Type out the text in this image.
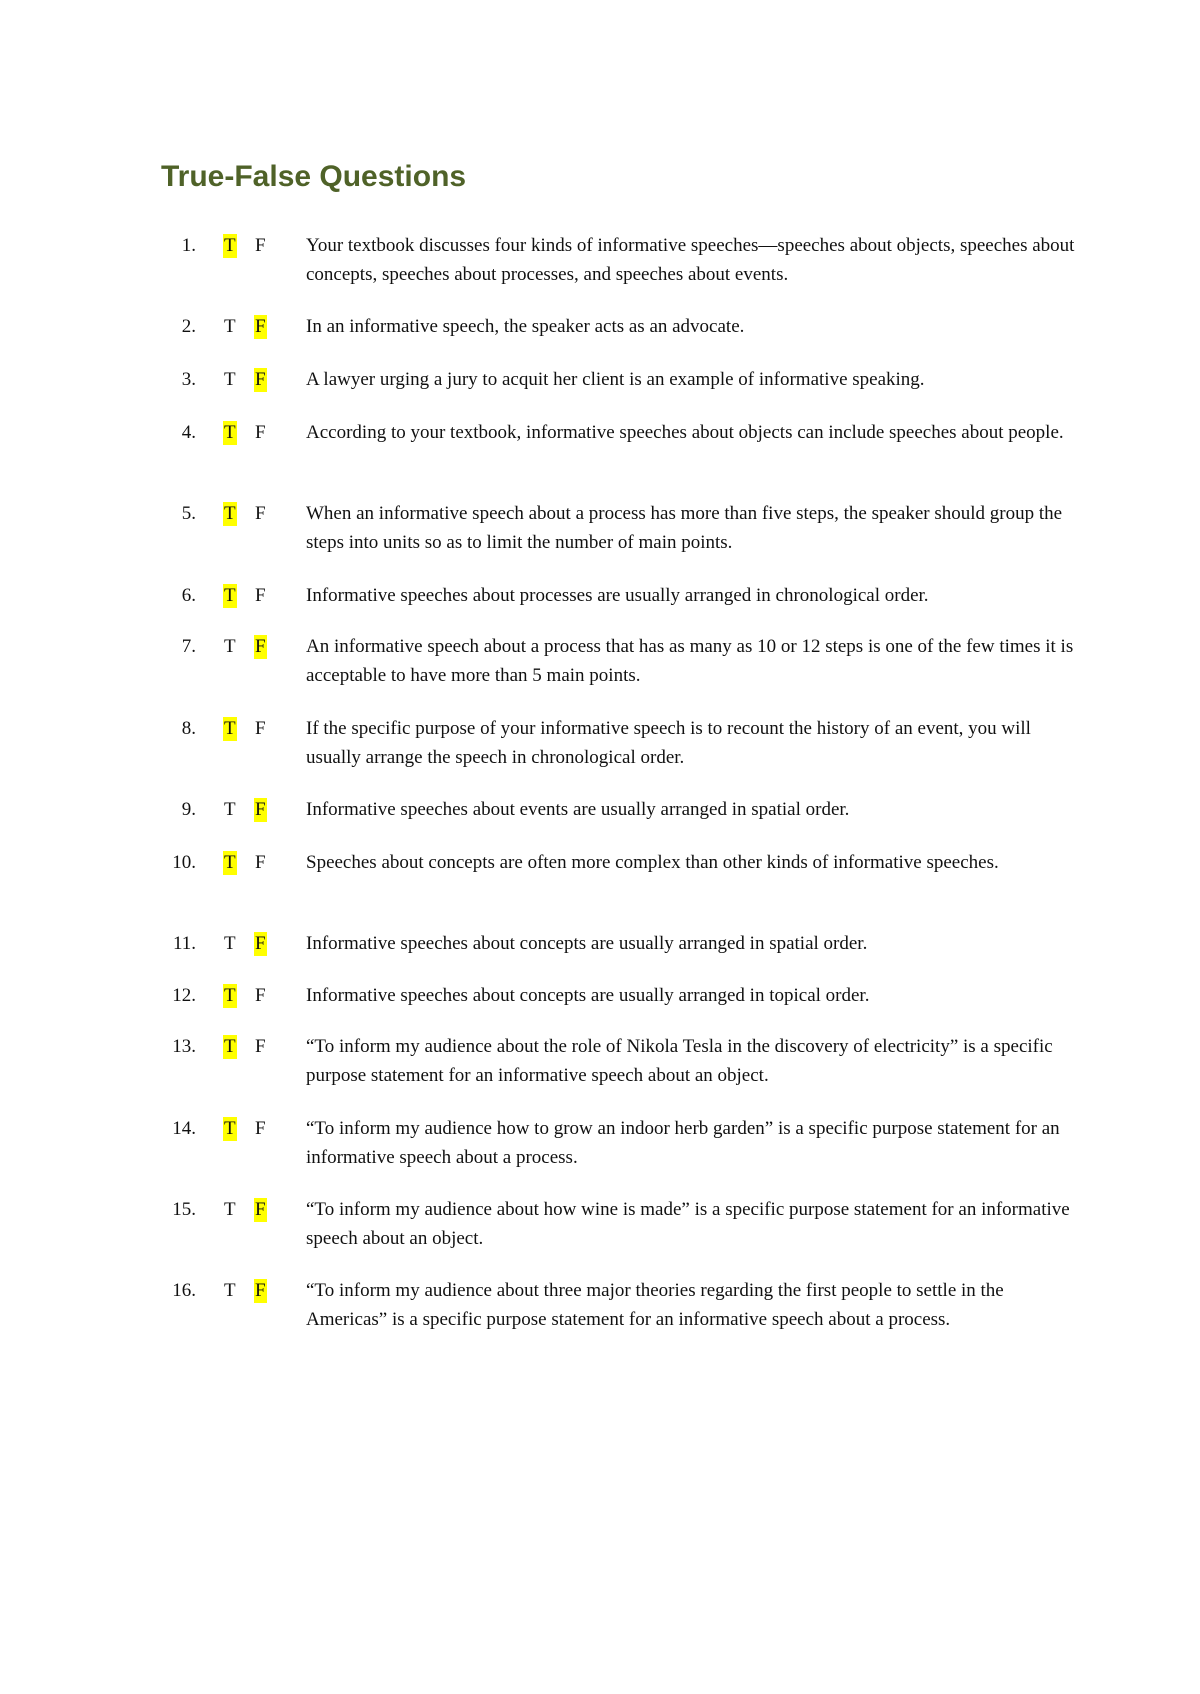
True-False Questions
1. T F Your textbook discusses four kinds of informative speeches—speeches about objects, speeches about concepts, speeches about processes, and speeches about events.
2. T F In an informative speech, the speaker acts as an advocate.
3. T F A lawyer urging a jury to acquit her client is an example of informative speaking.
4. T F According to your textbook, informative speeches about objects can include speeches about people.
5. T F When an informative speech about a process has more than five steps, the speaker should group the steps into units so as to limit the number of main points.
6. T F Informative speeches about processes are usually arranged in chronological order.
7. T F An informative speech about a process that has as many as 10 or 12 steps is one of the few times it is acceptable to have more than 5 main points.
8. T F If the specific purpose of your informative speech is to recount the history of an event, you will usually arrange the speech in chronological order.
9. T F Informative speeches about events are usually arranged in spatial order.
10. T F Speeches about concepts are often more complex than other kinds of informative speeches.
11. T F Informative speeches about concepts are usually arranged in spatial order.
12. T F Informative speeches about concepts are usually arranged in topical order.
13. T F “To inform my audience about the role of Nikola Tesla in the discovery of electricity” is a specific purpose statement for an informative speech about an object.
14. T F “To inform my audience how to grow an indoor herb garden” is a specific purpose statement for an informative speech about a process.
15. T F “To inform my audience about how wine is made” is a specific purpose statement for an informative speech about an object.
16. T F “To inform my audience about three major theories regarding the first people to settle in the Americas” is a specific purpose statement for an informative speech about a process.
